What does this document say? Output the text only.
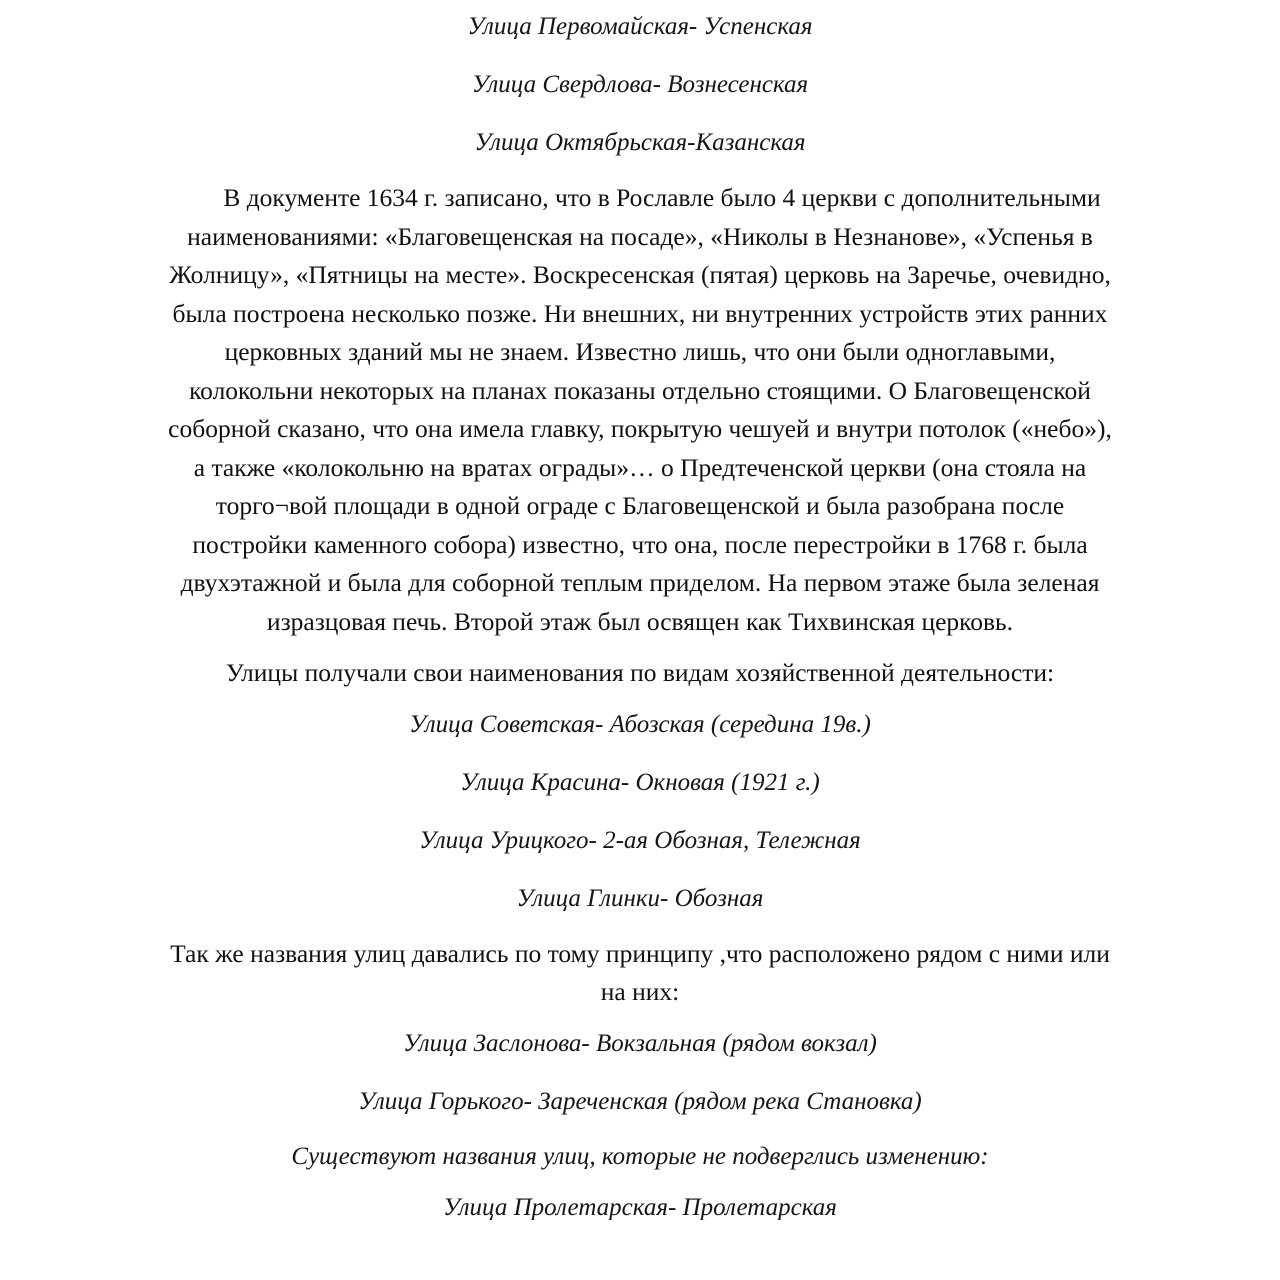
Улица Первомайская- Успенская
Улица Свердлова- Вознесенская
Улица Октябрьская-Казанская
В документе 1634 г. записано, что в Рославле было 4 церкви с дополнительными
наименованиями: «Благовещенская на посаде», «Николы в Незнанове», «Успенья в
Жолницу», «Пятницы на месте». Воскресенская (пятая) церковь на Заречье, очевидно,
была построена несколько позже. Ни внешних, ни внутренних устройств этих ранних
церковных зданий мы не знаем. Известно лишь, что они были одноглавыми,
колокольни некоторых на планах показаны отдельно стоящими. О Благовещенской
соборной сказано, что она имела главку, покрытую чешуей и внутри потолок («небо»),
а также «колокольню на вратах ограды»… о Предтеченской церкви (она стояла на
торго¬вой площади в одной ограде с Благовещенской и была разобрана после
постройки каменного собора) известно, что она, после перестройки в 1768 г. была
двухэтажной и была для соборной теплым приделом. На первом этаже была зеленая
изразцовая печь. Второй этаж был освящен как Тихвинская церковь.
Улицы получали свои наименования по видам хозяйственной деятельности:
Улица Советская- Абозская (середина 19в.)
Улица Красина- Окновая (1921 г.)
Улица Урицкого- 2-ая Обозная, Тележная
Улица Глинки- Обозная
Так же названия улиц давались по тому принципу ,что расположено рядом с ними или
на них:
Улица Заслонова- Вокзальная (рядом вокзал)
Улица Горького- Зареченская (рядом река Становка)
Существуют названия улиц, которые не подверглись изменению:
Улица Пролетарская- Пролетарская
